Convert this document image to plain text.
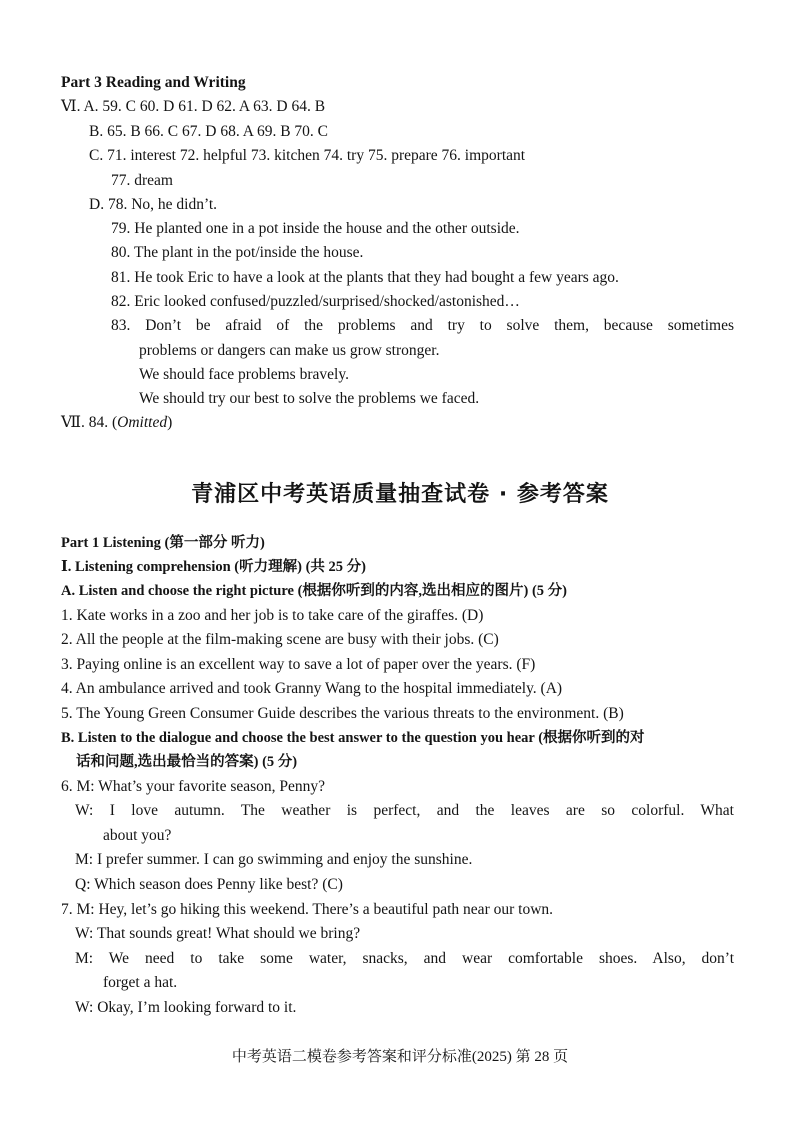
Part 3 Reading and Writing
Ⅵ. A. 59. C 60. D 61. D 62. A 63. D 64. B
B. 65. B 66. C 67. D 68. A 69. B 70. C
C. 71. interest 72. helpful 73. kitchen 74. try 75. prepare 76. important
77. dream
D. 78. No, he didn’t.
79. He planted one in a pot inside the house and the other outside.
80. The plant in the pot/inside the house.
81. He took Eric to have a look at the plants that they had bought a few years ago.
82. Eric looked confused/puzzled/surprised/shocked/astonished…
83. Don’t be afraid of the problems and try to solve them, because sometimes
problems or dangers can make us grow stronger.
We should face problems bravely.
We should try our best to solve the problems we faced.
Ⅶ. 84. (Omitted)
青浦区中考英语质量抽查试卷 · 参考答案
Part 1 Listening (第一部分 听力)
Ⅰ. Listening comprehension (听力理解) (共 25 分)
A. Listen and choose the right picture (根据你听到的内容,选出相应的图片) (5 分)
1. Kate works in a zoo and her job is to take care of the giraffes. (D)
2. All the people at the film-making scene are busy with their jobs. (C)
3. Paying online is an excellent way to save a lot of paper over the years. (F)
4. An ambulance arrived and took Granny Wang to the hospital immediately. (A)
5. The Young Green Consumer Guide describes the various threats to the environment. (B)
B. Listen to the dialogue and choose the best answer to the question you hear (根据你听到的对
话和问题,选出最恰当的答案) (5 分)
6. M: What’s your favorite season, Penny?
W: I love autumn. The weather is perfect, and the leaves are so colorful. What
about you?
M: I prefer summer. I can go swimming and enjoy the sunshine.
Q: Which season does Penny like best? (C)
7. M: Hey, let’s go hiking this weekend. There’s a beautiful path near our town.
W: That sounds great! What should we bring?
M: We need to take some water, snacks, and wear comfortable shoes. Also, don’t
forget a hat.
W: Okay, I’m looking forward to it.
中考英语二模卷参考答案和评分标准(2025) 第 28 页
